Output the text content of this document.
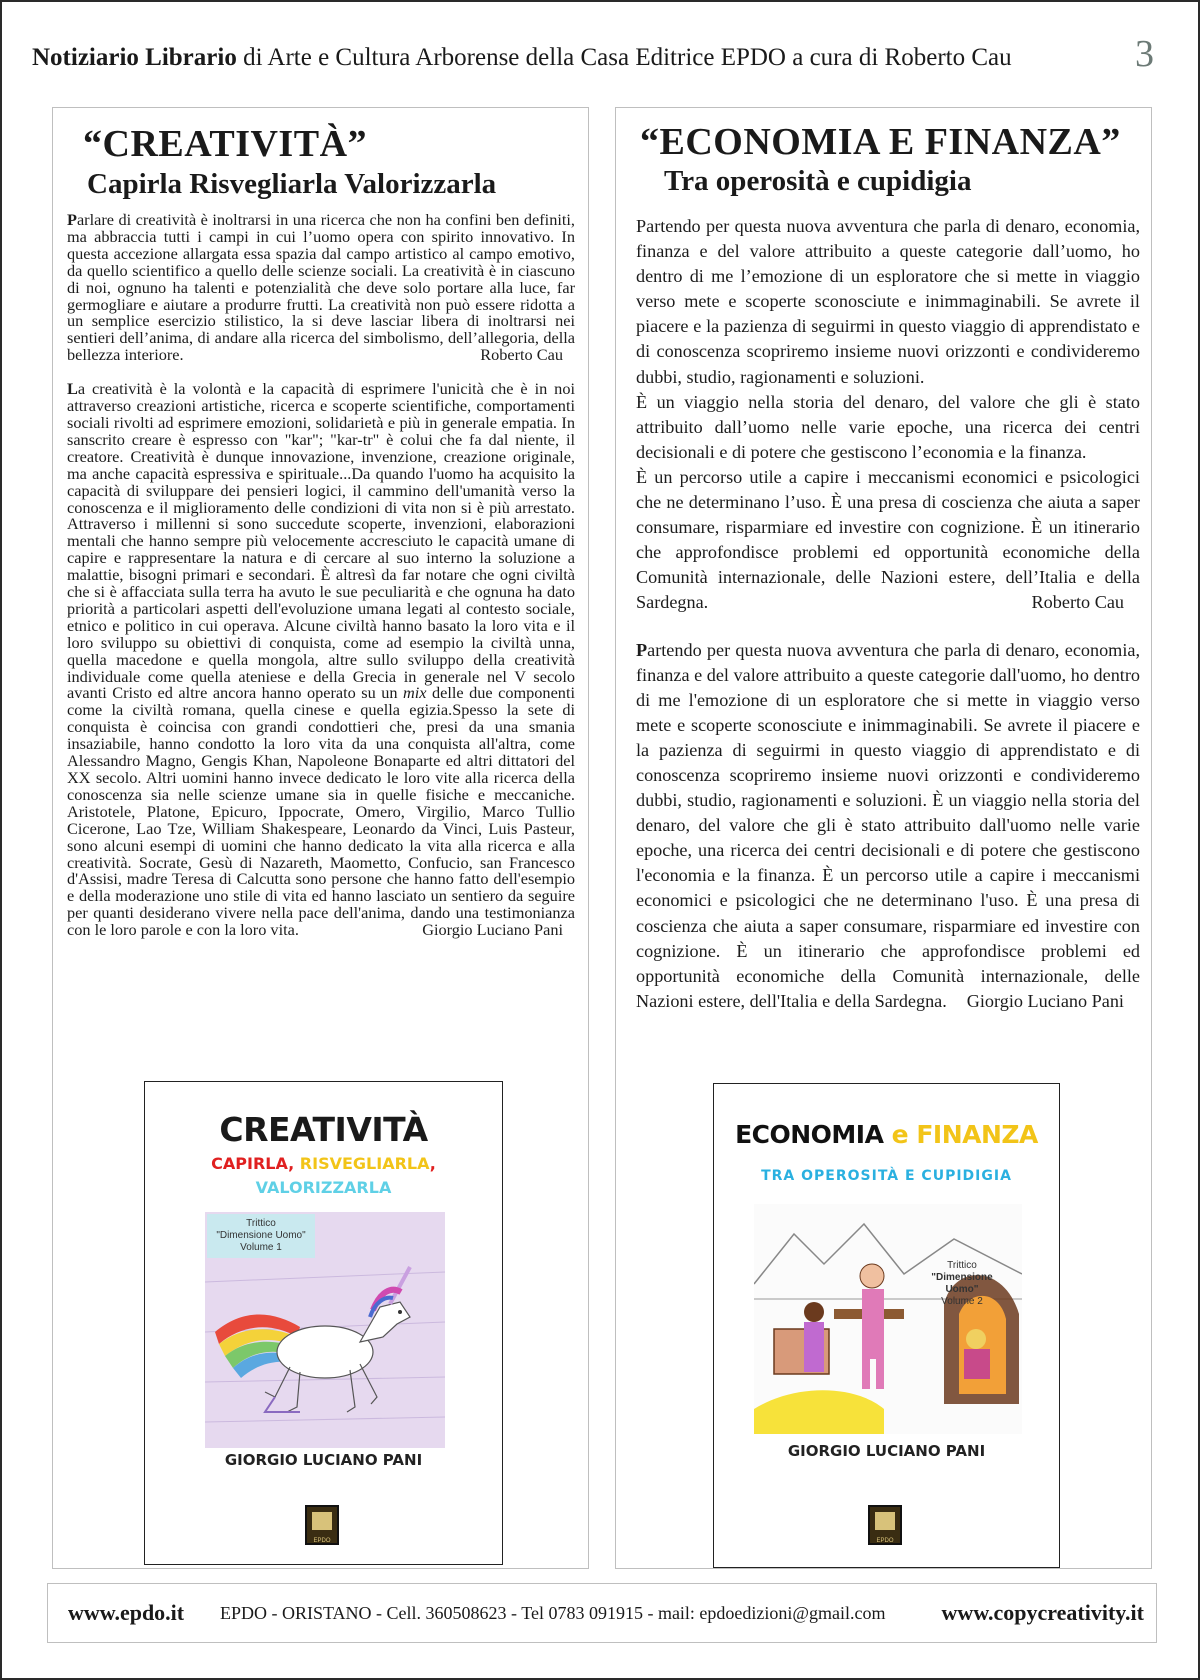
Notiziario Librario di Arte e Cultura Arborense della Casa Editrice EPDO a cura di Roberto Cau	3
“CREATIVITÀ”
Capirla Risvegliarla Valorizzarla
Parlare di creatività è inoltrarsi in una ricerca che non ha confini ben definiti, ma abbraccia tutti i campi in cui l’uomo opera con spirito innovativo. In questa accezione allargata essa spazia dal campo artistico al campo emotivo, da quello scientifico a quello delle scienze sociali. La creatività è in ciascuno di noi, ognuno ha talenti e potenzialità che deve solo portare alla luce, far germogliare e aiutare a produrre frutti. La creatività non può essere ridotta a un semplice esercizio stilistico, la si deve lasciar libera di inoltrarsi nei sentieri dell’anima, di andare alla ricerca del simbolismo, dell’allegoria, della bellezza interiore.	Roberto Cau
La creatività è la volontà e la capacità di esprimere l'unicità che è in noi attraverso creazioni artistiche, ricerca e scoperte scientifiche, comportamenti sociali rivolti ad esprimere emozioni, solidarietà e più in generale empatia. In sanscrito creare è espresso con "kar"; "kar-tr" è colui che fa dal niente, il creatore. Creatività è dunque innovazione, invenzione, creazione originale, ma anche capacità espressiva e spirituale...Da quando l'uomo ha acquisito la capacità di sviluppare dei pensieri logici, il cammino dell'umanità verso la conoscenza e il miglioramento delle condizioni di vita non si è più arrestato. Attraverso i millenni si sono succedute scoperte, invenzioni, elaborazioni mentali che hanno sempre più velocemente accresciuto le capacità umane di capire e rappresentare la natura e di cercare al suo interno la soluzione a malattie, bisogni primari e secondari. È altresì da far notare che ogni civiltà che si è affacciata sulla terra ha avuto le sue peculiarità e che ognuna ha dato priorità a particolari aspetti dell'evoluzione umana legati al contesto sociale, etnico e politico in cui operava. Alcune civiltà hanno basato la loro vita e il loro sviluppo su obiettivi di conquista, come ad esempio la civiltà unna, quella macedone e quella mongola, altre sullo sviluppo della creatività individuale come quella ateniese e della Grecia in generale nel V secolo avanti Cristo ed altre ancora hanno operato su un mix delle due componenti come la civiltà romana, quella cinese e quella egizia.Spesso la sete di conquista è coincisa con grandi condottieri che, presi da una smania insaziabile, hanno condotto la loro vita da una conquista all'altra, come Alessandro Magno, Gengis Khan, Napoleone Bonaparte ed altri dittatori del XX secolo. Altri uomini hanno invece dedicato le loro vite alla ricerca della conoscenza sia nelle scienze umane sia in quelle fisiche e meccaniche. Aristotele, Platone, Epicuro, Ippocrate, Omero, Virgilio, Marco Tullio Cicerone, Lao Tze, William Shakespeare, Leonardo da Vinci, Luis Pasteur, sono alcuni esempi di uomini che hanno dedicato la vita alla ricerca e alla creatività. Socrate, Gesù di Nazareth, Maometto, Confucio, san Francesco d'Assisi, madre Teresa di Calcutta sono persone che hanno fatto dell'esempio e della moderazione uno stile di vita ed hanno lasciato un sentiero da seguire per quanti desiderano vivere nella pace dell'anima, dando una testimonianza con le loro parole e con la loro vita.	Giorgio Luciano Pani
CREATIVITÀ
CAPIRLA, RISVEGLIARLA,
VALORIZZARLA
Trittico
"Dimensione Uomo"
Volume 1
GIORGIO LUCIANO PANI
EPDO
“ECONOMIA E FINANZA”
Tra operosità e cupidigia
Partendo per questa nuova avventura che parla di denaro, economia, finanza e del valore attribuito a queste categorie dall’uomo, ho dentro di me l’emozione di un esploratore che si mette in viaggio verso mete e scoperte sconosciute e inimmaginabili. Se avrete il piacere e la pazienza di seguirmi in questo viaggio di apprendistato e di conoscenza scopriremo insieme nuovi orizzonti e condivideremo dubbi, studio, ragionamenti e soluzioni.
È un viaggio nella storia del denaro, del valore che gli è stato attribuito dall’uomo nelle varie epoche, una ricerca dei centri decisionali e di potere che gestiscono l’economia e la finanza.
È un percorso utile a capire i meccanismi economici e psicologici che ne determinano l’uso. È una presa di coscienza che aiuta a saper consumare, risparmiare ed investire con cognizione. È un itinerario che approfondisce problemi ed opportunità economiche della Comunità internazionale, delle Nazioni estere, dell’Italia e della Sardegna.	Roberto Cau
Partendo per questa nuova avventura che parla di denaro, economia, finanza e del valore attribuito a queste categorie dall'uomo, ho dentro di me l'emozione di un esploratore che si mette in viaggio verso mete e scoperte sconosciute e inimmaginabili. Se avrete il piacere e la pazienza di seguirmi in questo viaggio di apprendistato e di conoscenza scopriremo insieme nuovi orizzonti e condivideremo dubbi, studio, ragionamenti e soluzioni. È un viaggio nella storia del denaro, del valore che gli è stato attribuito dall'uomo nelle varie epoche, una ricerca dei centri decisionali e di potere che gestiscono l'economia e la finanza. È un percorso utile a capire i meccanismi economici e psicologici che ne determinano l'uso. È una presa di coscienza che aiuta a saper consumare, risparmiare ed investire con cognizione. È un itinerario che approfondisce problemi ed opportunità economiche della Comunità internazionale, delle Nazioni estere, dell'Italia e della Sardegna. Giorgio Luciano Pani
ECONOMIA e FINANZA
TRA OPEROSITÀ E CUPIDIGIA
Trittico
"Dimensione Uomo"
Volume 2
GIORGIO LUCIANO PANI
EPDO
www.epdo.it EPDO - ORISTANO - Cell. 360508623 - Tel 0783 091915 - mail: epdoedizioni@gmail.com	www.copycreativity.it
